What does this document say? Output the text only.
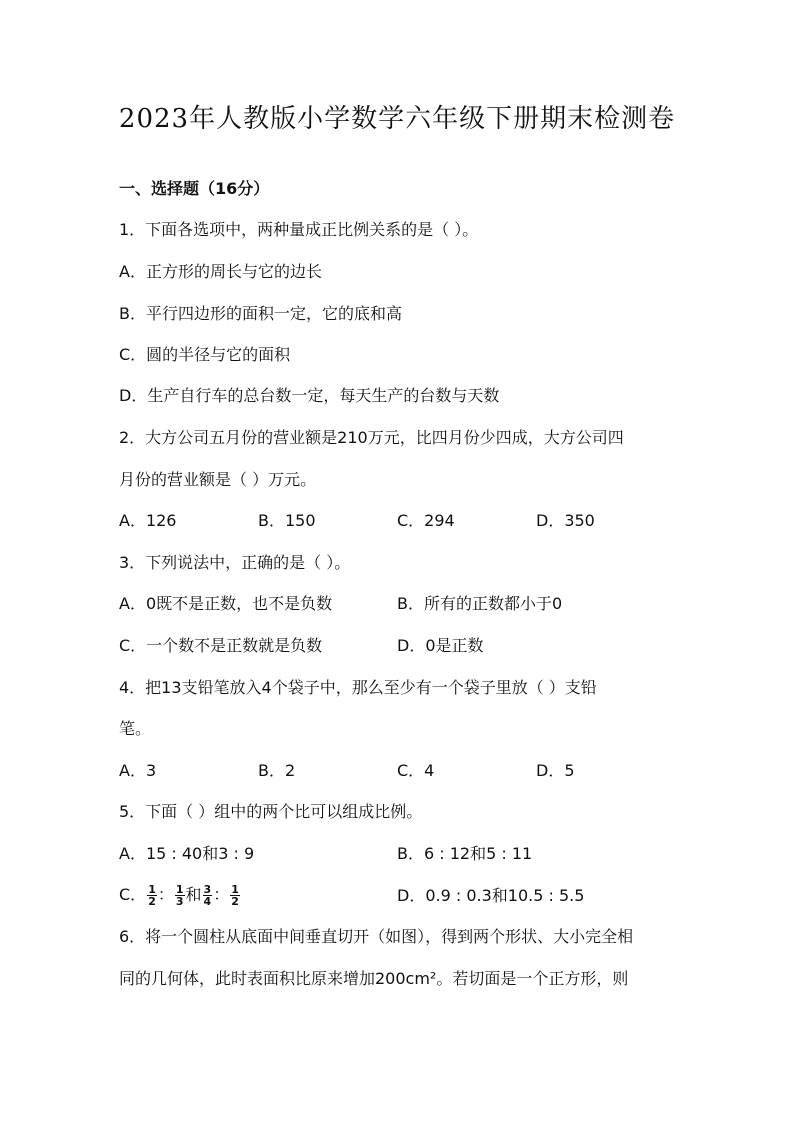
2023年人教版小学数学六年级下册期末检测卷
一、选择题（16分）
1．下面各选项中，两种量成正比例关系的是（ ）。
A．正方形的周长与它的边长
B．平行四边形的面积一定，它的底和高
C．圆的半径与它的面积
D．生产自行车的总台数一定，每天生产的台数与天数
2．大方公司五月份的营业额是210万元，比四月份少四成，大方公司四
月份的营业额是（ ）万元。
A．126	B．150	C．294	D．350
3．下列说法中，正确的是（ ）。
A．0既不是正数，也不是负数	B．所有的正数都小于0
C．一个数不是正数就是负数	D．0是正数
4．把13支铅笔放入4个袋子中，那么至少有一个袋子里放（ ）支铅
笔。
A．3	B．2	C．4	D．5
5．下面（ ）组中的两个比可以组成比例。
A．15 : 40和3 : 9	B．6 : 12和5 : 11
C． $\frac{1}{2}$ ： $\frac{1}{3}$ 和 $\frac{3}{4}$ ： $\frac{1}{2}$	D．0.9 : 0.3和10.5 : 5.5
6．将一个圆柱从底面中间垂直切开（如图），得到两个形状、大小完全相
同的几何体，此时表面积比原来增加200cm²。若切面是一个正方形，则
